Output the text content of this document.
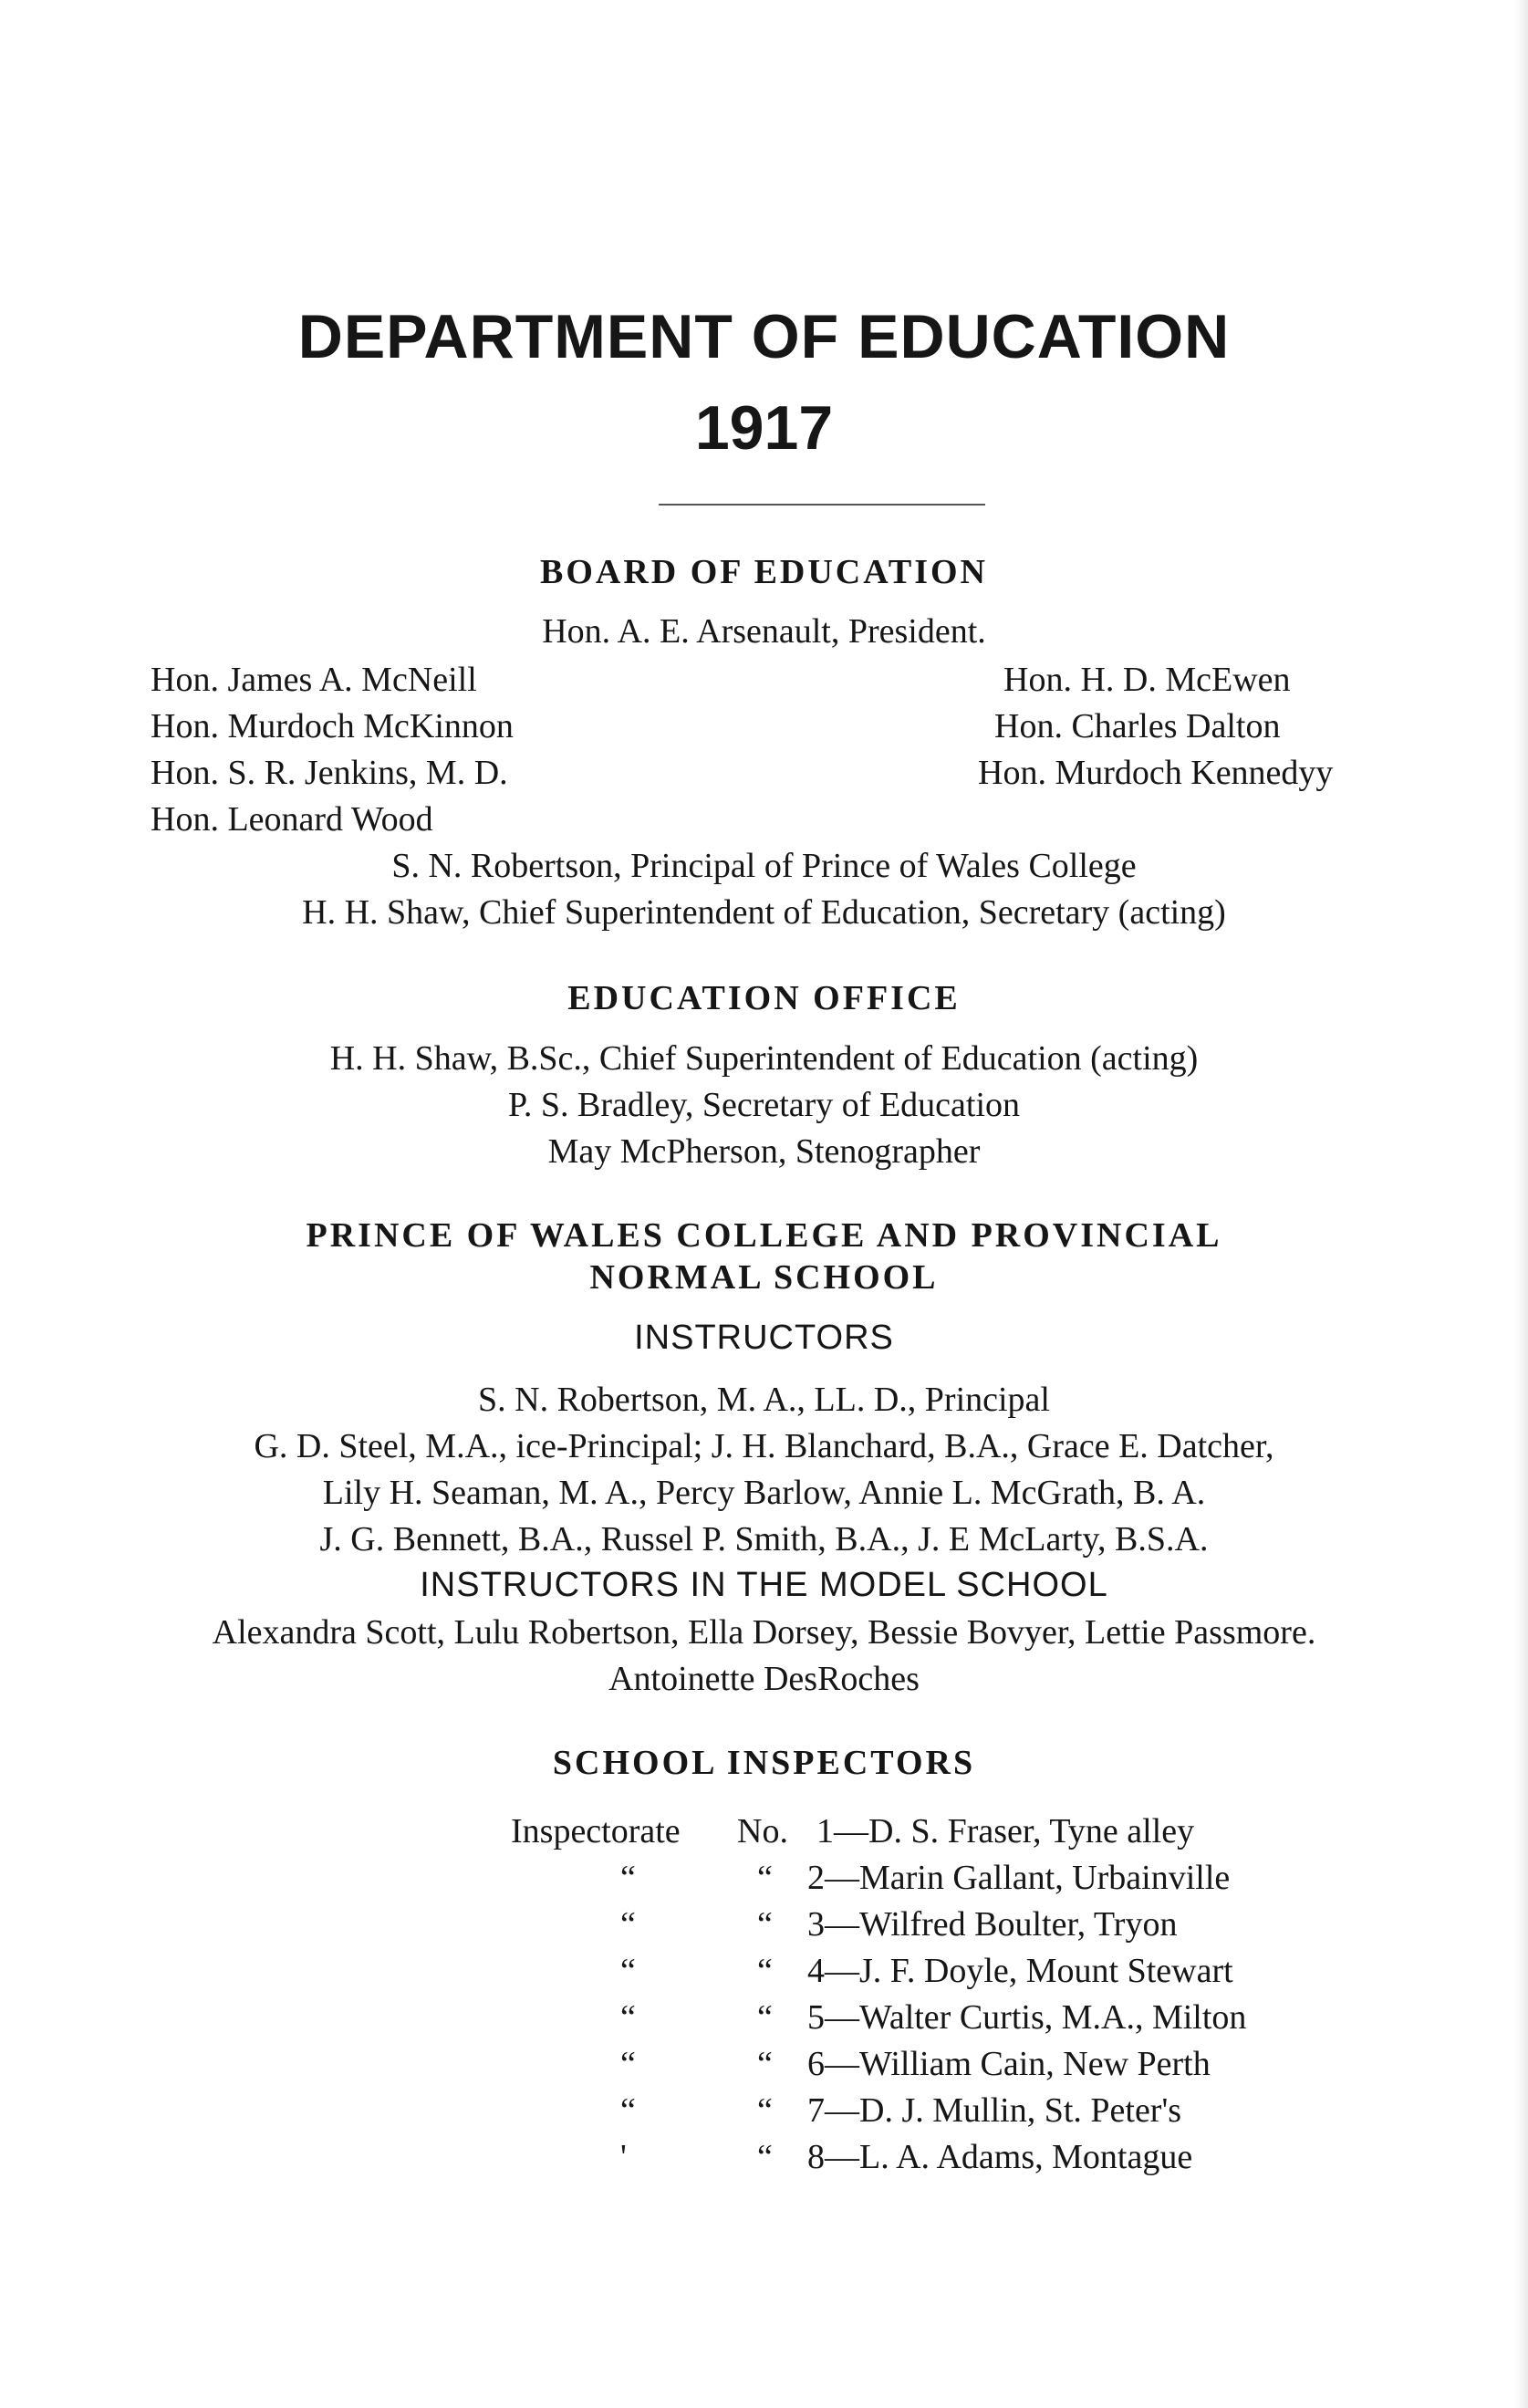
DEPARTMENT OF EDUCATION
1917
BOARD OF EDUCATION
Hon. A. E. Arsenault, President.
Hon. James A. McNeill
Hon. Murdoch McKinnon
Hon. S. R. Jenkins, M. D.
Hon. Leonard Wood
Hon. H. D. McEwen
Hon. Charles Dalton
Hon. Murdoch Kennedyy
S. N. Robertson, Principal of Prince of Wales College
H. H. Shaw, Chief Superintendent of Education, Secretary (acting)
EDUCATION OFFICE
H. H. Shaw, B.Sc., Chief Superintendent of Education (acting)
P. S. Bradley, Secretary of Education
May McPherson, Stenographer
PRINCE OF WALES COLLEGE AND PROVINCIAL
NORMAL SCHOOL
INSTRUCTORS
S. N. Robertson, M. A., LL. D., Principal
G. D. Steel, M.A., ice-Principal; J. H. Blanchard, B.A., Grace E. Datcher,
Lily H. Seaman, M. A., Percy Barlow, Annie L. McGrath, B. A.
J. G. Bennett, B.A., Russel P. Smith, B.A., J. E McLarty, B.S.A.
INSTRUCTORS IN THE MODEL SCHOOL
Alexandra Scott, Lulu Robertson, Ella Dorsey, Bessie Bovyer, Lettie Passmore.
Antoinette DesRoches
SCHOOL INSPECTORS
Inspectorate No. 1—D. S. Fraser, Tyne alley
“	“ 2—Marin Gallant, Urbainville
“	“ 3—Wilfred Boulter, Tryon
“	“ 4—J. F. Doyle, Mount Stewart
“	“ 5—Walter Curtis, M.A., Milton
“	“ 6—William Cain, New Perth
“	“ 7—D. J. Mullin, St. Peter's
'	“ 8—L. A. Adams, Montague
